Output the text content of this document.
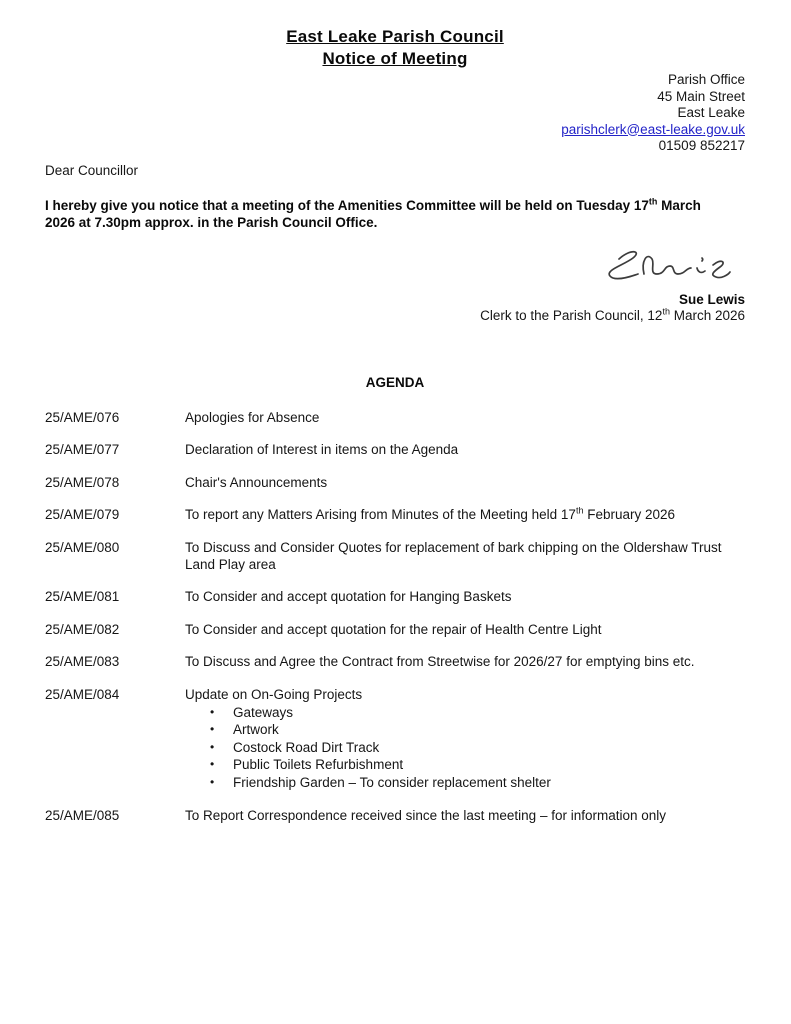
East Leake Parish Council
Notice of Meeting
Parish Office
45 Main Street
East Leake
parishclerk@east-leake.gov.uk
01509 852217
Dear Councillor
I hereby give you notice that a meeting of the Amenities Committee will be held on Tuesday 17th March
2026 at 7.30pm approx. in the Parish Council Office.
Sue Lewis
Clerk to the Parish Council, 12th March 2026
AGENDA
25/AME/076	Apologies for Absence
25/AME/077	Declaration of Interest in items on the Agenda
25/AME/078	Chair's Announcements
25/AME/079	To report any Matters Arising from Minutes of the Meeting held 17th February 2026
25/AME/080	To Discuss and Consider Quotes for replacement of bark chipping on the Oldershaw Trust Land Play area
25/AME/081	To Consider and accept quotation for Hanging Baskets
25/AME/082	To Consider and accept quotation for the repair of Health Centre Light
25/AME/083	To Discuss and Agree the Contract from Streetwise for 2026/27 for emptying bins etc.
25/AME/084	Update on On-Going Projects
• Gateways
• Artwork
• Costock Road Dirt Track
• Public Toilets Refurbishment
• Friendship Garden – To consider replacement shelter
25/AME/085	To Report Correspondence received since the last meeting – for information only
